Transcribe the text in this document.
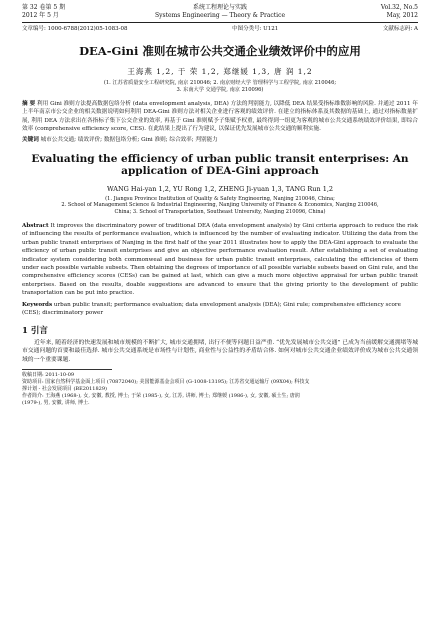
第 32 卷第 5 期
2012 年 5 月
系统工程理论与实践
Systems Engineering — Theory & Practice
Vol.32, No.5
May, 2012
文章编号: 1000-6788(2012)05-1083-08	中图分类号: U121	文献标志码: A
DEA-Gini 准则在城市公共交通企业绩效评价中的应用
王海燕 1,2, 于 荣 1,2, 郑继媛 1,3, 唐 润 1,2
(1. 江苏省质量安全工程研究院, 南京 210046; 2. 南京财经大学 管理科学与工程学院, 南京 210046;
3. 东南大学 交通学院, 南京 210096)
摘 要 利用 Gini 准则方法提高数据包络分析 (data envelopment analysis, DEA) 方法的判别能力, 以降低 DEA 结果受指标维数影响的风险. 并通过 2011 年上半年南京市公交企业的相关数据说明如何利用 DEA-Gini 准则方法对相关企业进行客观的绩效评价. 在建立的指标体系及其数据的基础上, 通过对指标数量扩展, 利用 DEA 方法求出在各指标子集下公交企业的效率, 再基于 Gini 准则赋予子集赋予权重, 最终得到一组更为客观的城市公共交通系统绩效评价结果, 即综合效率 (comprehensive efficiency score, CES). 在此结果上提出了行为建议, 以保证优先发展城市公共交通的顺利实施.
关键词 城市公共交通; 绩效评价; 数据包络分析; Gini 准则; 综合效率; 判别能力
Evaluating the efficiency of urban public transit enterprises: An
application of DEA-Gini approach
WANG Hai-yan 1,2, YU Rong 1,2, ZHENG Ji-yuan 1,3, TANG Run 1,2
(1. Jiangsu Province Institution of Quality & Safety Engineering, Nanjing 210046, China;
2. School of Management Science & Industrial Engineering, Nanjing University of Finance & Economics, Nanjing 210046,
China; 3. School of Transportation, Southeast University, Nanjing 210096, China)
Abstract It improves the discriminatory power of traditional DEA (data envelopment analysis) by Gini criteria approach to reduce the risk of influencing the results of performance evaluation, which is influenced by the number of evaluating indicator. Utilizing the data from the urban public transit enterprises of Nanjing in the first half of the year 2011 illustrates how to apply the DEA-Gini approach to evaluate the efficiency of urban public transit enterprises and give an objective performance evaluation result. After establishing a set of evaluating indicator system considering both commonweal and business for urban public transit enterprises, calculating the efficiencies of them under each possible variable subsets. Then obtaining the degrees of importance of all possible variable subsets based on Gini rule, and the comprehensive efficiency scores (CESs) can be gained at last, which can give a much more objective appraisal for urban public transit enterprises. Based on the results, doable suggestions are advanced to ensure that the giving priority to the development of public transportation can be put into practice.
Keywords urban public transit; performance evaluation; data envelopment analysis (DEA); Gini rule; comprehensive efficiency score (CES); discriminatory power
1 引言
近年来, 随着经济的快速发展和城市规模的不断扩大, 城市交通拥堵, 出行不便等问题日益严重. “优先发展城市公共交通” 已成为当前缓解交通拥堵等城市交通问题的首要和最佳选择. 城市公共交通系统是市场性与计划性, 商业性与公益性的矛盾结合体. 如何对城市公共交通企业绩效评价成为城市公共交通领域的一个重要课题.
收稿日期: 2011-10-09
资助项目: 国家自然科学基金面上项目 (70872040); 美国能源基金会项目 (G-1008-13195); 江苏省交通运输厅 (09X04); 科技支
撑计划 - 社会发展项目 (BE2011829)
作者简介: 王海燕 (1968-), 女, 安徽, 教授, 博士; 于荣 (1985-), 女, 江苏, 讲师, 博士; 郑继媛 (1986-), 女, 安徽, 硕士生; 唐润
(1979-), 男, 安徽, 讲师, 博士.
